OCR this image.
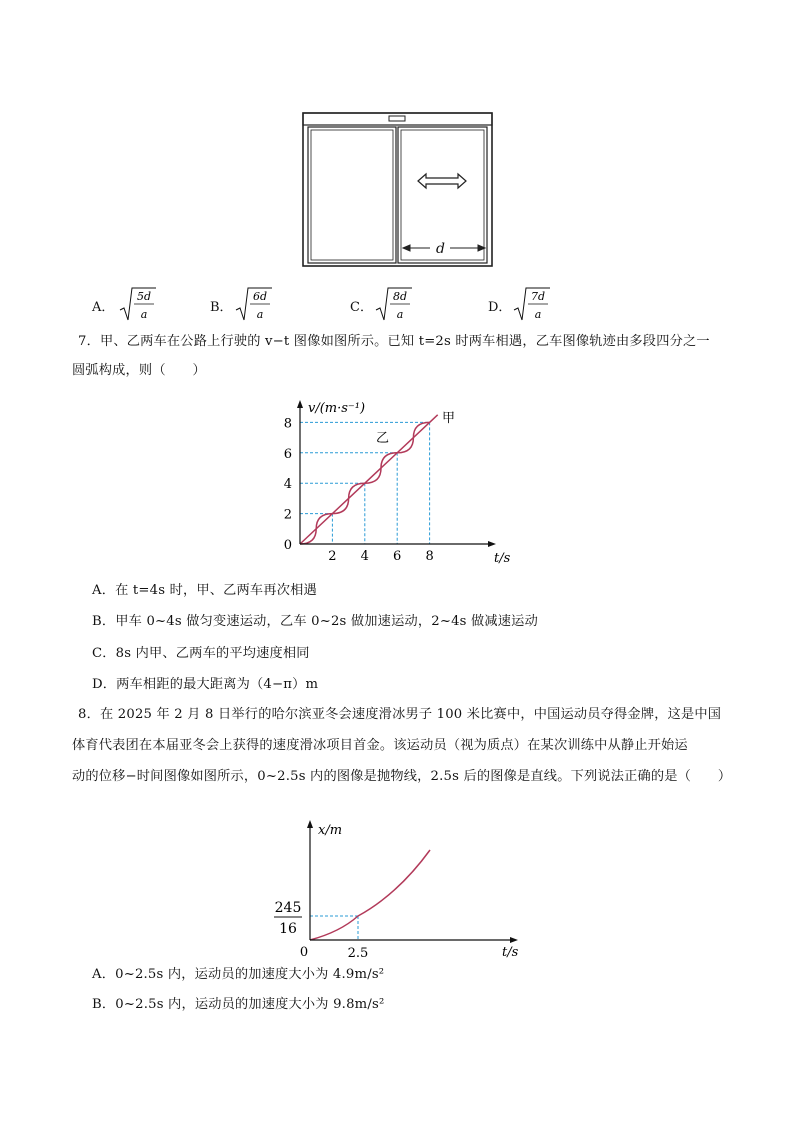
d
A．
5d
a	B．
6d
a	C．
8d
a	D．
7d
a
7．甲、乙两车在公路上行驶的 v−t 图像如图所示。已知 t=2s 时两车相遇，乙车图像轨迹由多段四分之一
圆弧构成，则（　　）
2 4 6 8
2
4
6
8
0
v/(m·s⁻¹)
t/s
甲
乙
A．在 t=4s 时，甲、乙两车再次相遇
B．甲车 0~4s 做匀变速运动，乙车 0~2s 做加速运动，2~4s 做减速运动
C．8s 内甲、乙两车的平均速度相同
D．两车相距的最大距离为（4−π）m
8．在 2025 年 2 月 8 日举行的哈尔滨亚冬会速度滑冰男子 100 米比赛中，中国运动员夺得金牌，这是中国
体育代表团在本届亚冬会上获得的速度滑冰项目首金。该运动员（视为质点）在某次训练中从静止开始运
动的位移−时间图像如图所示，0~2.5s 内的图像是抛物线，2.5s 后的图像是直线。下列说法正确的是（　　）
2.5
245
16
0
x/m
t/s
A．0~2.5s 内，运动员的加速度大小为 4.9m/s²
B．0~2.5s 内，运动员的加速度大小为 9.8m/s²
